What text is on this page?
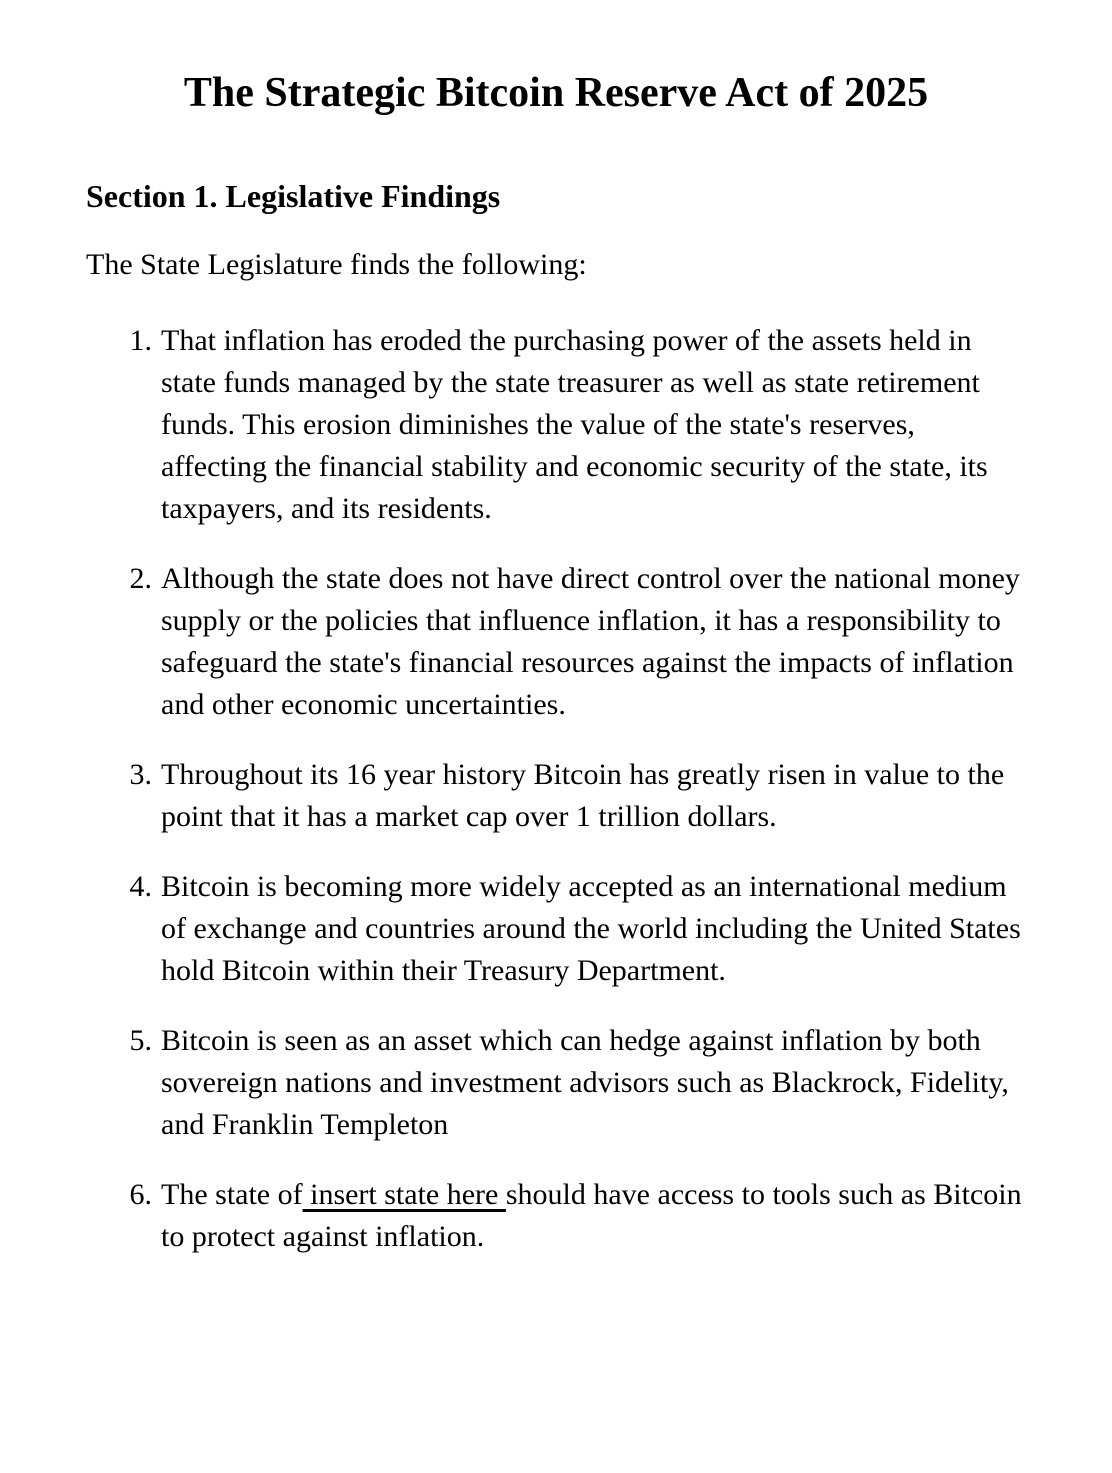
The Strategic Bitcoin Reserve Act of 2025
Section 1. Legislative Findings

The State Legislature finds the following:

1. That inflation has eroded the purchasing power of the assets held in state funds managed by the state treasurer as well as state retirement funds. This erosion diminishes the value of the state's reserves, affecting the financial stability and economic security of the state, its taxpayers, and its residents.
2. Although the state does not have direct control over the national money supply or the policies that influence inflation, it has a responsibility to safeguard the state's financial resources against the impacts of inflation and other economic uncertainties.
3. Throughout its 16 year history Bitcoin has greatly risen in value to the point that it has a market cap over 1 trillion dollars.
4. Bitcoin is becoming more widely accepted as an international medium of exchange and countries around the world including the United States hold Bitcoin within their Treasury Department.
5. Bitcoin is seen as an asset which can hedge against inflation by both sovereign nations and investment advisors such as Blackrock, Fidelity, and Franklin Templeton
6. The state of insert state here should have access to tools such as Bitcoin to protect against inflation.
